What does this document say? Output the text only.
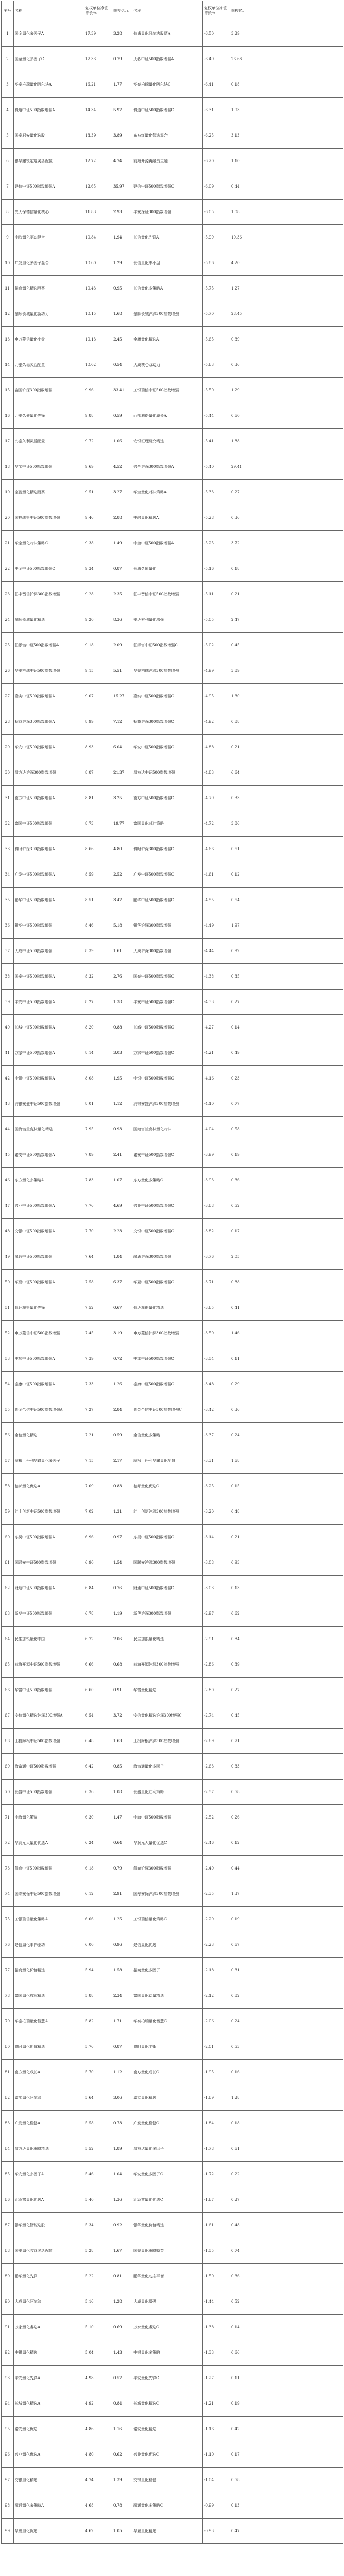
序号	名称	复权单位净值增长%	规模亿元	名称	复权单位净值增长%	规模亿元	
1	国金量化多因子A	17.39	3.28	信诚量化阿尔法股票A	-6.50	3.29	
2	国金量化多因子C	17.33	0.79	天弘中证500指数增强A	-6.49	26.68	
3	华泰柏瑞量化阿尔法A	16.21	1.77	华泰柏瑞量化阿尔法C	-6.41	0.18	
4	博道中证500指数增强A	14.34	5.97	博道中证500指数增强C	-6.31	1.93	
5	国泰君安量化选股	13.39	3.89	东方红量化智选混合	-6.25	3.13	
6	银华鑫锐定增灵活配置	12.72	4.74	前海开源再融资主题	-6.20	1.10	
7	建信中证500指数增强A	12.65	35.97	建信中证500指数增强C	-6.09	0.44	
8	光大保德信量化核心	11.83	2.93	平安深证300指数增强	-6.05	1.08	
9	中欧量化驱动混合	10.84	1.94	长信量化先锋A	-5.99	10.36	
10	广发量化多因子混合	10.60	1.29	长信量化中小盘	-5.86	4.20	
11	招商量化精选股票	10.43	0.95	长信量化多策略A	-5.75	1.27	
12	景顺长城量化新动力	10.15	1.68	景顺长城沪深300指数增强	-5.70	28.45	
13	申万菱信量化小盘	10.13	2.45	金鹰量化精选A	-5.65	0.39	
14	九泰久稳灵活配置	10.02	0.54	大成核心双动力	-5.63	0.36	
15	富国沪深300指数增强	9.96	33.41	工银瑞信中证500指数增强	-5.50	1.29	
16	九泰久盛量化先锋	9.88	0.59	西部利得量化成长A	-5.44	0.60	
17	九泰久利灵活配置	9.72	1.06	农银汇理研究精选	-5.41	1.88	
18	华宝中证500指数增强	9.69	4.52	兴全沪深300指数增强A	-5.40	29.41	
19	宝盈量化精选股票	9.51	3.27	华宝量化对冲策略A	-5.33	0.27	
20	国投瑞银中证500指数增强	9.46	2.88	中融量化精选A	-5.28	0.36	
21	华宝量化对冲策略C	9.38	1.49	中金中证500指数增强A	-5.25	3.72	
22	中金中证500指数增强C	9.34	0.87	长城久恒量化	-5.16	0.18	
23	汇丰晋信沪深300指数增强	9.28	2.35	汇丰晋信中证500指数增强	-5.11	0.21	
24	景顺长城量化精选	9.20	8.36	泰达宏利量化增强	-5.05	2.47	
25	汇添富中证500指数增强A	9.18	2.09	汇添富中证500指数增强C	-5.02	0.45	
26	华泰柏瑞中证500指数增强	9.15	5.51	华泰柏瑞沪深300指数增强	-4.99	3.89	
27	嘉实中证500指数增强A	9.07	15.27	嘉实中证500指数增强C	-4.95	1.30	
28	招商沪深300指数增强A	8.99	7.12	招商沪深300指数增强C	-4.92	0.88	
29	华安中证500指数增强A	8.93	6.04	华安中证500指数增强C	-4.88	0.21	
30	易方达沪深300指数增强	8.87	21.37	易方达中证500指数增强	-4.83	6.64	
31	南方中证500指数增强A	8.81	3.25	南方中证500指数增强C	-4.79	0.33	
32	富国中证500指数增强	8.73	19.77	富国量化对冲策略	-4.72	3.86	
33	博时沪深300指数增强A	8.66	4.80	博时沪深300指数增强C	-4.66	0.61	
34	广发中证500指数增强A	8.59	2.52	广发中证500指数增强C	-4.61	0.12	
35	鹏华中证500指数增强A	8.51	3.47	鹏华中证500指数增强C	-4.55	0.64	
36	银华中证500指数增强	8.46	5.18	银华沪深300指数增强	-4.49	1.97	
37	大成中证500指数增强	8.39	1.61	大成沪深300指数增强	-4.44	0.92	
38	国泰中证500指数增强A	8.32	2.76	国泰中证500指数增强C	-4.38	0.35	
39	平安中证500指数增强A	8.27	1.38	平安中证500指数增强C	-4.33	0.27	
40	长城中证500指数增强A	8.20	0.88	长城中证500指数增强C	-4.27	0.14	
41	万家中证500指数增强A	8.14	3.03	万家中证500指数增强C	-4.21	0.49	
42	中银中证500指数增强A	8.08	1.95	中银中证500指数增强C	-4.16	0.23	
43	浦银安盛中证500指数增强	8.01	1.12	浦银安盛沪深300指数增强	-4.10	0.77	
44	国海富兰克林量化精选	7.95	0.93	国海富兰克林量化对冲	-4.04	0.58	
45	诺安中证500指数增强A	7.89	2.41	诺安中证500指数增强C	-3.99	0.19	
46	东方量化多策略A	7.83	1.07	东方量化多策略C	-3.93	0.36	
47	兴业中证500指数增强A	7.76	4.69	兴业中证500指数增强C	-3.88	0.52	
48	交银中证500指数增强A	7.70	2.23	交银中证500指数增强C	-3.82	0.17	
49	融通中证500指数增强	7.64	1.84	融通沪深300指数增强	-3.76	2.05	
50	华夏中证500指数增强A	7.58	6.37	华夏中证500指数增强C	-3.71	0.88	
51	信达澳银量化先锋	7.52	0.67	信达澳银量化精选	-3.65	0.41	
52	申万菱信中证500指数增强	7.45	3.19	申万菱信沪深300指数增强	-3.59	1.46	
53	中加中证500指数增强A	7.39	0.72	中加中证500指数增强C	-3.54	0.11	
54	泰康中证500指数增强A	7.33	1.26	泰康中证500指数增强C	-3.48	0.29	
55	创金合信中证500指数增强A	7.27	2.84	创金合信中证500指数增强C	-3.42	0.36	
56	金信量化精选	7.21	0.59	金信量化多策略	-3.37	0.24	
57	摩根士丹利华鑫量化多因子	7.15	2.17	摩根士丹利华鑫量化配置	-3.31	1.68	
58	德邦量化优选A	7.09	0.83	德邦量化优选C	-3.25	0.15	
59	红土创新中证500指数增强	7.02	1.31	红土创新沪深300指数增强	-3.20	0.48	
60	东吴中证500指数增强A	6.96	0.97	东吴中证500指数增强C	-3.14	0.21	
61	国联安中证500指数增强	6.90	1.54	国联安沪深300指数增强	-3.08	0.93	
62	财通中证500指数增强A	6.84	0.76	财通中证500指数增强C	-3.03	0.13	
63	新华中证500指数增强	6.78	1.19	新华沪深300指数增强	-2.97	0.62	
64	民生加银量化中国	6.72	2.06	民生加银量化精选	-2.91	0.84	
65	前海开源中证500指数增强	6.66	0.68	前海开源沪深300指数增强	-2.86	0.39	
66	华富中证500指数增强	6.60	0.91	华富量化精选	-2.80	0.27	
67	安信量化精选沪深300增强A	6.54	3.72	安信量化精选沪深300增强C	-2.74	0.45	
68	上投摩根中证500指数增强	6.48	1.63	上投摩根沪深300指数增强	-2.69	0.71	
69	海富通中证500指数增强	6.42	0.85	海富通量化多因子	-2.63	0.33	
70	长盛中证500指数增强	6.36	1.08	长盛量化红利策略	-2.57	0.58	
71	中海量化策略	6.30	1.47	中海中证500指数增强	-2.52	0.26	
72	华润元大量化优选A	6.24	0.64	华润元大量化优选C	-2.46	0.12	
73	浙商中证500指数增强	6.18	0.79	浙商沪深300指数增强	-2.40	0.44	
74	国寿安保中证500指数增强	6.12	2.91	国寿安保沪深300指数增强	-2.35	1.37	
75	工银瑞信量化策略A	6.06	1.25	工银瑞信量化策略C	-2.29	0.19	
76	建信量化事件驱动	6.00	0.96	建信量化优选	-2.23	0.67	
77	招商量化价值精选	5.94	1.58	招商量化多因子	-2.18	0.31	
78	富国量化成长精选	5.88	2.34	富国量化动量精选	-2.12	0.82	
79	华泰柏瑞量化智慧A	5.82	1.71	华泰柏瑞量化智慧C	-2.06	0.24	
80	博时量化价值精选	5.76	0.87	博时量化平衡	-2.01	0.53	
81	南方量化成长A	5.70	1.12	南方量化成长C	-1.95	0.16	
82	嘉实量化阿尔法	5.64	3.06	嘉实量化精选	-1.89	1.28	
83	广发量化稳健A	5.58	0.73	广发量化稳健C	-1.84	0.18	
84	易方达量化策略精选	5.52	1.89	易方达量化多因子	-1.78	0.61	
85	华安量化多因子A	5.46	1.04	华安量化多因子C	-1.72	0.22	
86	汇添富量化优选A	5.40	1.36	汇添富量化优选C	-1.67	0.27	
87	银华量化智能选股	5.34	0.92	银华量化价值精选	-1.61	0.48	
88	国泰量化收益灵活配置	5.28	1.67	国泰量化策略收益	-1.55	0.74	
89	鹏华量化先锋	5.22	0.81	鹏华量化动态平衡	-1.50	0.36	
90	大成量化阿尔法	5.16	1.28	大成量化增强	-1.44	0.52	
91	万家量化睿选A	5.10	0.69	万家量化睿选C	-1.38	0.14	
92	中银量化精选	5.04	1.43	中银量化多策略	-1.33	0.66	
93	平安量化先锋A	4.98	0.57	平安量化先锋C	-1.27	0.11	
94	长城量化精选A	4.92	0.84	长城量化精选C	-1.21	0.19	
95	诺安量化优选	4.86	1.16	诺安量化精选	-1.16	0.42	
96	兴业量化优选A	4.80	0.62	兴业量化优选C	-1.10	0.17	
97	交银量化精选	4.74	1.39	交银量化稳健	-1.04	0.58	
98	融通量化多策略A	4.68	0.78	融通量化多策略C	-0.99	0.13	
99	华夏量化优选	4.62	1.05	华夏量化精选	-0.93	0.47	
